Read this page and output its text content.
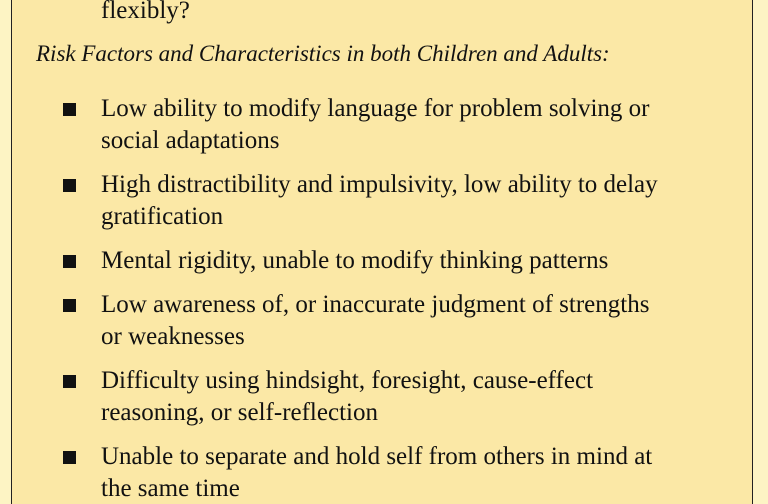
flexibly?
Risk Factors and Characteristics in both Children and Adults:
Low ability to modify language for problem solving or
social adaptations
High distractibility and impulsivity, low ability to delay
gratification
Mental rigidity, unable to modify thinking patterns
Low awareness of, or inaccurate judgment of strengths
or weaknesses
Difficulty using hindsight, foresight, cause-effect
reasoning, or self-reflection
Unable to separate and hold self from others in mind at
the same time
